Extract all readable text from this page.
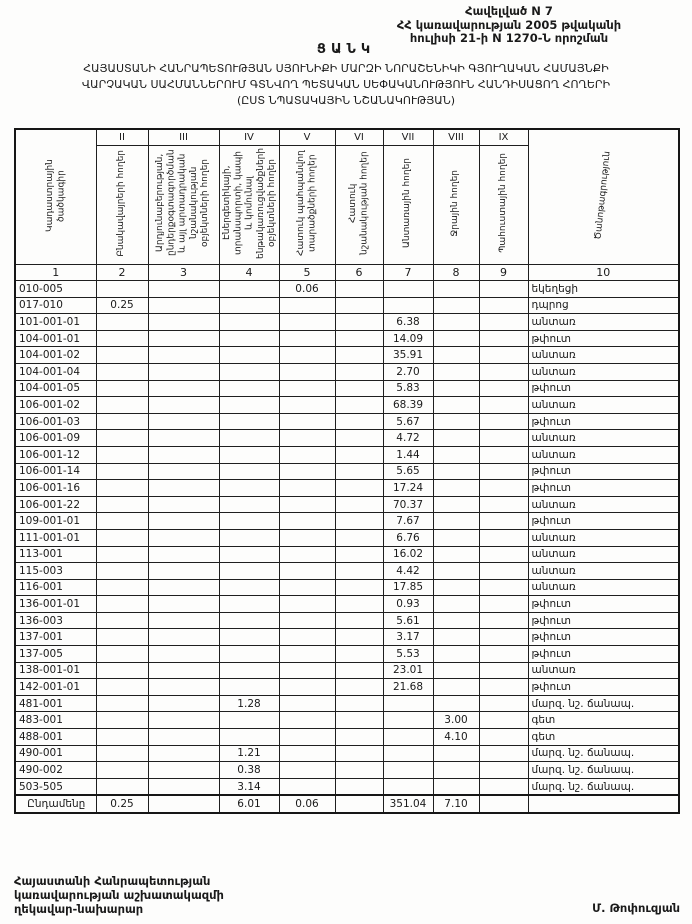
Հավելված N 7
ՀՀ կառավարության 2005 թվականի
հուլիսի 21-ի N 1270-Ն որոշման
ՑԱՆԿ
ՀԱՅԱՍՏԱՆԻ ՀԱՆՐԱՊԵՏՈՒԹՅԱՆ ՍՅՈՒՆԻՔԻ ՄԱՐԶԻ ՆՈՐԱՇԵՆԻԿԻ ԳՅՈՒՂԱԿԱՆ ՀԱՄԱՅՆՔԻ
ՎԱՐՉԱԿԱՆ ՍԱՀՄԱՆՆԵՐՈՒՄ ԳՏՆՎՈՂ ՊԵՏԱԿԱՆ ՍԵՓԱԿԱՆՈՒԹՅՈՒՆ ՀԱՆԴԻՍԱՑՈՂ ՀՈՂԵՐԻ
(ԸՍՏ ՆՊԱՏԱԿԱՅԻՆ ՆՇԱՆԱԿՈՒԹՅԱՆ)
Կադաստրային ծածկագիր	II	III	IV	V	VI	VII	VIII	IX	Ծանոթագրություն
	Բնակավայրերի հողեր	Արդյունաբերության, ընդերքօգտագործման և այլ արտադրական նշանակության օբյեկտների հողեր	Էներգետիկայի, տրանսպորտի, կապի և կոմունալ ենթակառուցվածքների օբյեկտների հողեր	Հատուկ պահպանվող տարածքների հողեր	Հատուկ նշանակության հողեր	Անտառային հողեր	Ջրային հողեր	Պահուստային հողեր	
1	2	3	4	5	6	7	8	9	10
010-005				0.06					եկեղեցի
017-010	0.25								դպրոց
101-001-01						6.38			անտառ
104-001-01						14.09			թփուտ
104-001-02						35.91			անտառ
104-001-04						2.70			անտառ
104-001-05						5.83			թփուտ
106-001-02						68.39			անտառ
106-001-03						5.67			թփուտ
106-001-09						4.72			անտառ
106-001-12						1.44			անտառ
106-001-14						5.65			թփուտ
106-001-16						17.24			թփուտ
106-001-22						70.37			անտառ
109-001-01						7.67			թփուտ
111-001-01						6.76			անտառ
113-001						16.02			անտառ
115-003						4.42			անտառ
116-001						17.85			անտառ
136-001-01						0.93			թփուտ
136-003						5.61			թփուտ
137-001						3.17			թփուտ
137-005						5.53			թփուտ
138-001-01						23.01			անտառ
142-001-01						21.68			թփուտ
481-001			1.28						մարզ. նշ. ճանապ.
483-001							3.00		գետ
488-001							4.10		գետ
490-001			1.21						մարզ. նշ. ճանապ.
490-002			0.38						մարզ. նշ. ճանապ.
503-505			3.14						մարզ. նշ. ճանապ.
Ընդամենը	0.25		6.01	0.06		351.04	7.10		
Հայաստանի Հանրապետության
կառավարության աշխատակազմի
ղեկավար-նախարար	Մ. Թոփուզյան
